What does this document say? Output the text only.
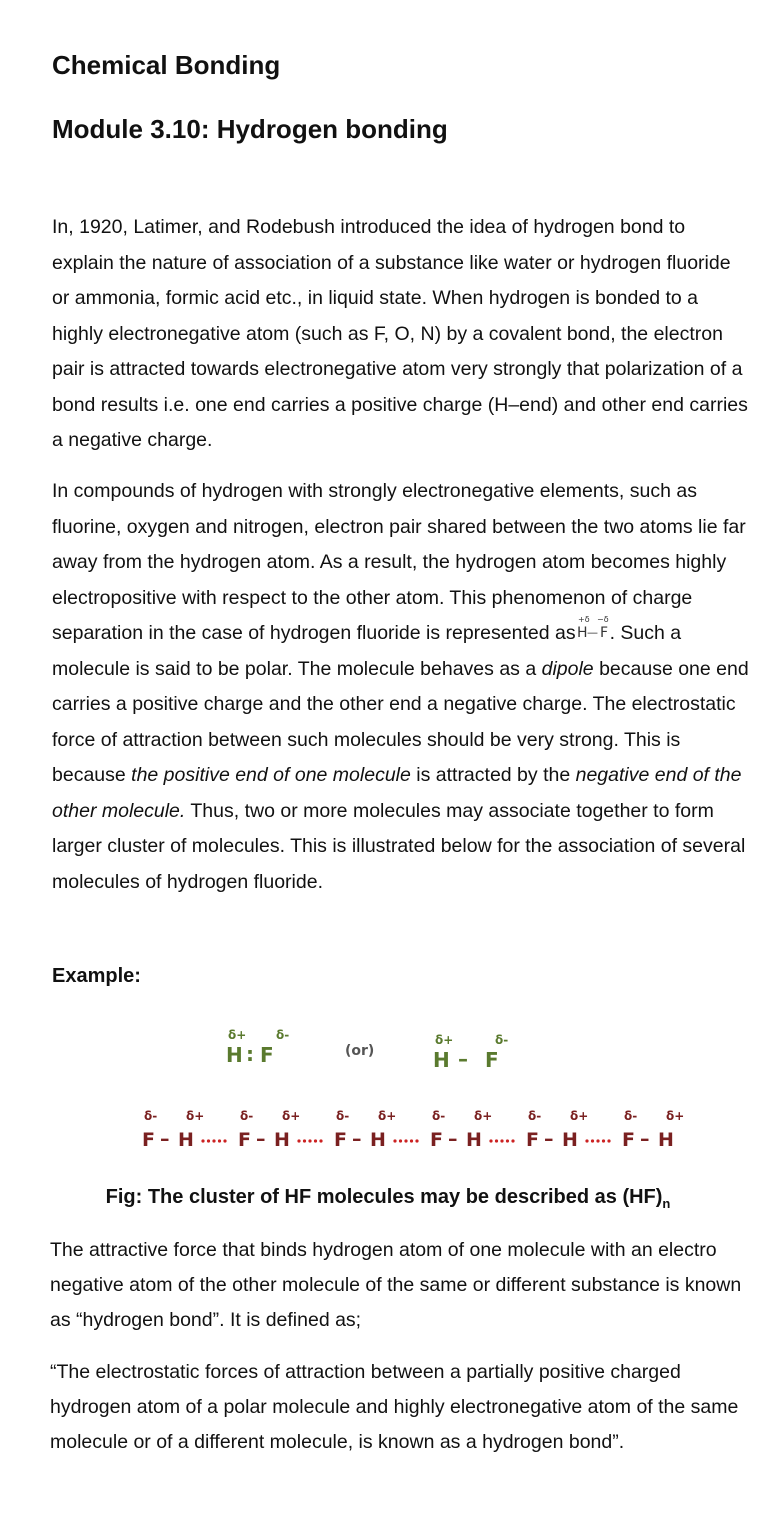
Chemical Bonding
Module 3.10: Hydrogen bonding

In, 1920, Latimer, and Rodebush introduced the idea of hydrogen bond to explain the nature of association of a substance like water or hydrogen fluoride or ammonia, formic acid etc., in liquid state. When hydrogen is bonded to a highly electronegative atom (such as F, O, N) by a covalent bond, the electron pair is attracted towards electronegative atom very strongly that polarization of a bond results i.e. one end carries a positive charge (H–end) and other end carries a negative charge.

In compounds of hydrogen with strongly electronegative elements, such as fluorine, oxygen and nitrogen, electron pair shared between the two atoms lie far away from the hydrogen atom. As a result, the hydrogen atom becomes highly electropositive with respect to the other atom. This phenomenon of charge separation in the case of hydrogen fluoride is represented as
+δ −δ
H — F . Such a molecule is said to be polar. The molecule behaves as a dipole because one end carries a positive charge and the other end a negative charge. The electrostatic force of attraction between such molecules should be very strong. This is because the positive end of one molecule is attracted by the negative end of the other molecule. Thus, two or more molecules may associate together to form larger cluster of molecules. This is illustrated below for the association of several molecules of hydrogen fluoride.

Example:

δ+ δ-
H : F	(or)
δ+	δ-
H – F
δ- δ+
F – H
δ- δ+
F – H
δ- δ+
F – H
δ- δ+
F – H
δ- δ+
F – H
δ- δ+
F – H

Fig: The cluster of HF molecules may be described as $(HF)_n$

The attractive force that binds hydrogen atom of one molecule with an electro negative atom of the other molecule of the same or different substance is known as “hydrogen bond”. It is defined as;

“The electrostatic forces of attraction between a partially positive charged hydrogen atom of a polar molecule and highly electronegative atom of the same molecule or of a different molecule, is known as a hydrogen bond”.
